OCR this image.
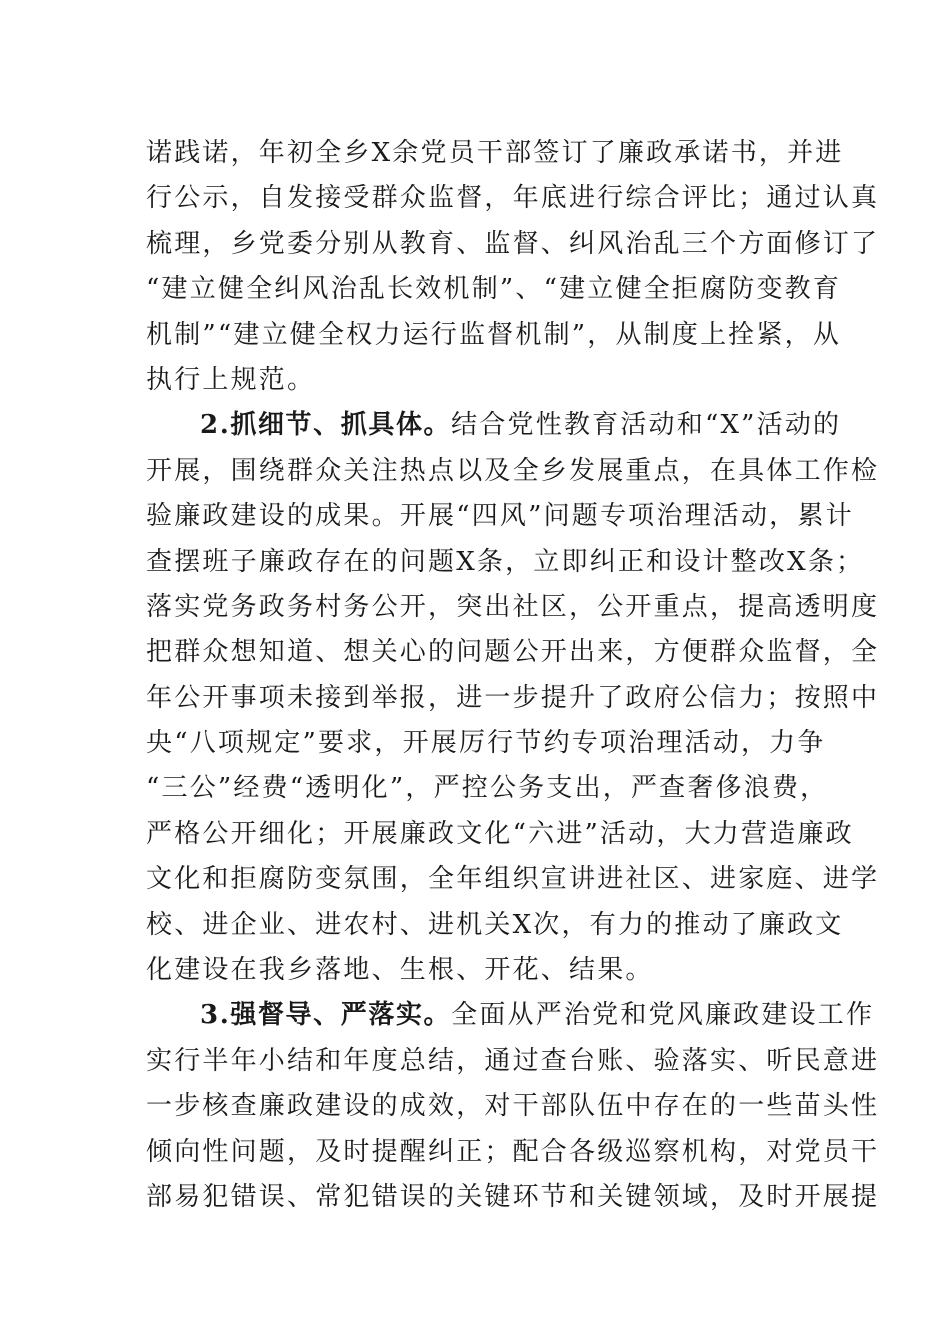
诺践诺，年初全乡X余党员干部签订了廉政承诺书，并进
行公示，自发接受群众监督，年底进行综合评比；通过认真
梳理，乡党委分别从教育、监督、纠风治乱三个方面修订了
“建立健全纠风治乱长效机制”、“建立健全拒腐防变教育
机制”“建立健全权力运行监督机制”，从制度上拴紧，从
执行上规范。
2.抓细节、抓具体。结合党性教育活动和“X”活动的
开展，围绕群众关注热点以及全乡发展重点，在具体工作检
验廉政建设的成果。开展“四风”问题专项治理活动，累计
查摆班子廉政存在的问题X条，立即纠正和设计整改X条；
落实党务政务村务公开，突出社区，公开重点，提高透明度
把群众想知道、想关心的问题公开出来，方便群众监督，全
年公开事项未接到举报，进一步提升了政府公信力；按照中
央“八项规定”要求，开展厉行节约专项治理活动，力争
“三公”经费“透明化”，严控公务支出，严查奢侈浪费，
严格公开细化；开展廉政文化“六进”活动，大力营造廉政
文化和拒腐防变氛围，全年组织宣讲进社区、进家庭、进学
校、进企业、进农村、进机关X次，有力的推动了廉政文
化建设在我乡落地、生根、开花、结果。
3.强督导、严落实。全面从严治党和党风廉政建设工作
实行半年小结和年度总结，通过查台账、验落实、听民意进
一步核查廉政建设的成效，对干部队伍中存在的一些苗头性
倾向性问题，及时提醒纠正；配合各级巡察机构，对党员干
部易犯错误、常犯错误的关键环节和关键领域，及时开展提
